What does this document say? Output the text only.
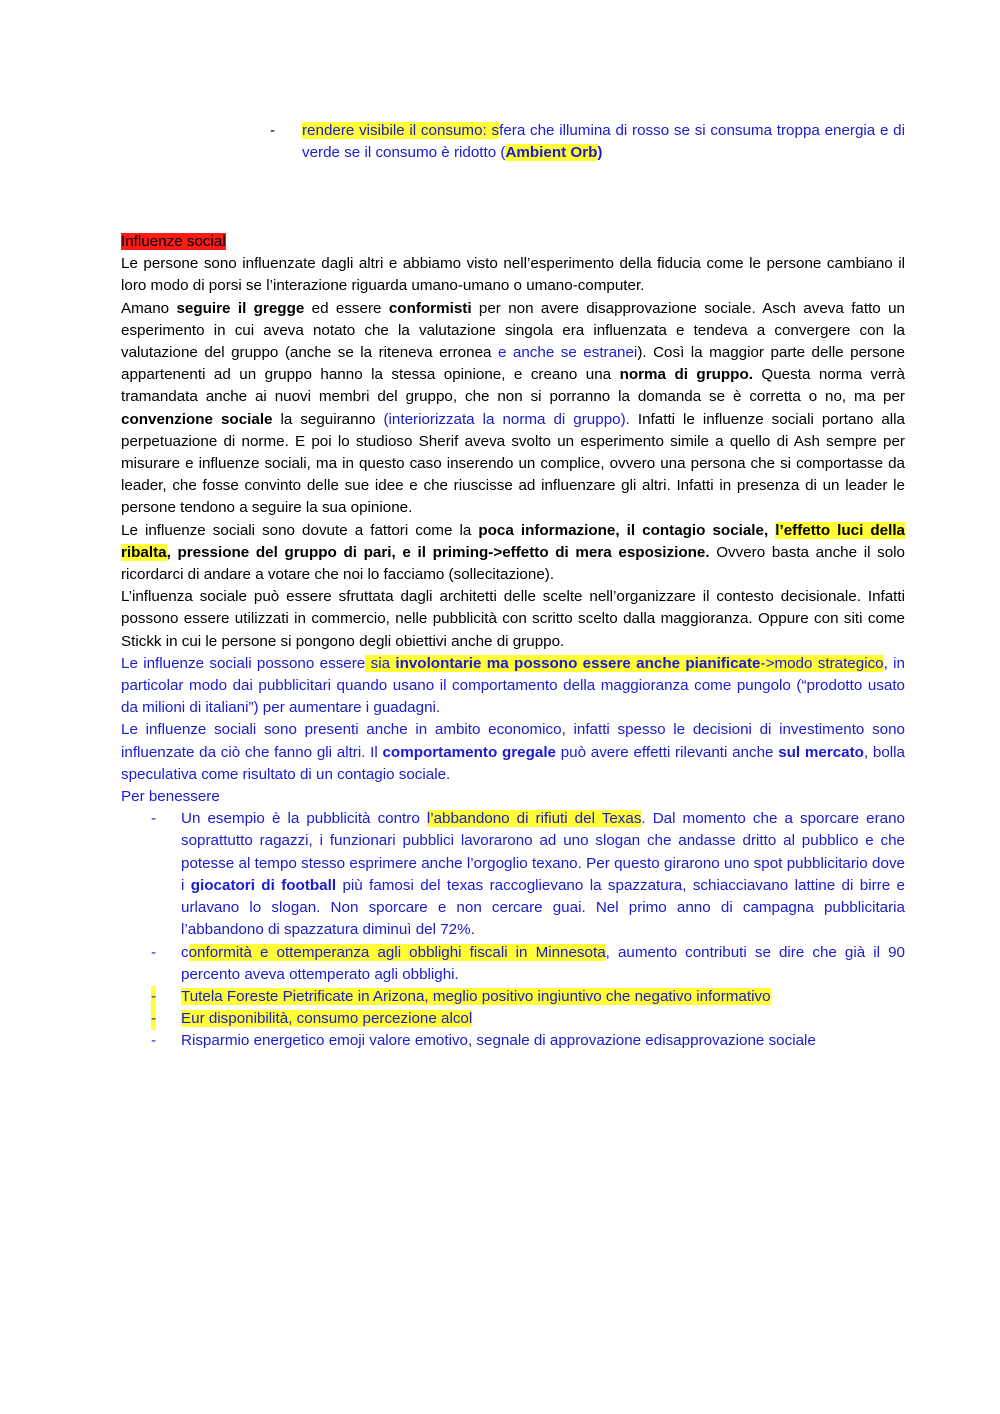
- rendere visibile il consumo: sfera che illumina di rosso se si consuma troppa energia e di verde se il consumo è ridotto (Ambient Orb)

Influenze social

Le persone sono influenzate dagli altri e abbiamo visto nell’esperimento della fiducia come le persone cambiano il loro modo di porsi se l’interazione riguarda umano-umano o umano-computer.

Amano seguire il gregge ed essere conformisti per non avere disapprovazione sociale. Asch aveva fatto un esperimento in cui aveva notato che la valutazione singola era influenzata e tendeva a convergere con la valutazione del gruppo (anche se la riteneva erronea e anche se estranei). Così la maggior parte delle persone appartenenti ad un gruppo hanno la stessa opinione, e creano una norma di gruppo. Questa norma verrà tramandata anche ai nuovi membri del gruppo, che non si porranno la domanda se è corretta o no, ma per convenzione sociale la seguiranno (interiorizzata la norma di gruppo). Infatti le influenze sociali portano alla perpetuazione di norme. E poi lo studioso Sherif aveva svolto un esperimento simile a quello di Ash sempre per misurare e influenze sociali, ma in questo caso inserendo un complice, ovvero una persona che si comportasse da leader, che fosse convinto delle sue idee e che riuscisse ad influenzare gli altri. Infatti in presenza di un leader le persone tendono a seguire la sua opinione.

Le influenze sociali sono dovute a fattori come la poca informazione, il contagio sociale, l’effetto luci della ribalta, pressione del gruppo di pari, e il priming->effetto di mera esposizione. Ovvero basta anche il solo ricordarci di andare a votare che noi lo facciamo (sollecitazione).

L’influenza sociale può essere sfruttata dagli architetti delle scelte nell’organizzare il contesto decisionale. Infatti possono essere utilizzati in commercio, nelle pubblicità con scritto scelto dalla maggioranza. Oppure con siti come Stickk in cui le persone si pongono degli obiettivi anche di gruppo.

Le influenze sociali possono essere sia involontarie ma possono essere anche pianificate->modo strategico, in particolar modo dai pubblicitari quando usano il comportamento della maggioranza come pungolo (“prodotto usato da milioni di italiani”) per aumentare i guadagni.

Le influenze sociali sono presenti anche in ambito economico, infatti spesso le decisioni di investimento sono influenzate da ciò che fanno gli altri. Il comportamento gregale può avere effetti rilevanti anche sul mercato, bolla speculativa come risultato di un contagio sociale.

Per benessere

- Un esempio è la pubblicità contro l’abbandono di rifiuti del Texas. Dal momento che a sporcare erano soprattutto ragazzi, i funzionari pubblici lavorarono ad uno slogan che andasse dritto al pubblico e che potesse al tempo stesso esprimere anche l’orgoglio texano. Per questo girarono uno spot pubblicitario dove i giocatori di football più famosi del texas raccoglievano la spazzatura, schiacciavano lattine di birre e urlavano lo slogan. Non sporcare e non cercare guai. Nel primo anno di campagna pubblicitaria l’abbandono di spazzatura diminuì del 72%.
- conformità e ottemperanza agli obblighi fiscali in Minnesota, aumento contributi se dire che già il 90 percento aveva ottemperato agli obblighi.
- Tutela Foreste Pietrificate in Arizona, meglio positivo ingiuntivo che negativo informativo
- Eur disponibilità, consumo percezione alcol
- Risparmio energetico emoji valore emotivo, segnale di approvazione edisapprovazione sociale
